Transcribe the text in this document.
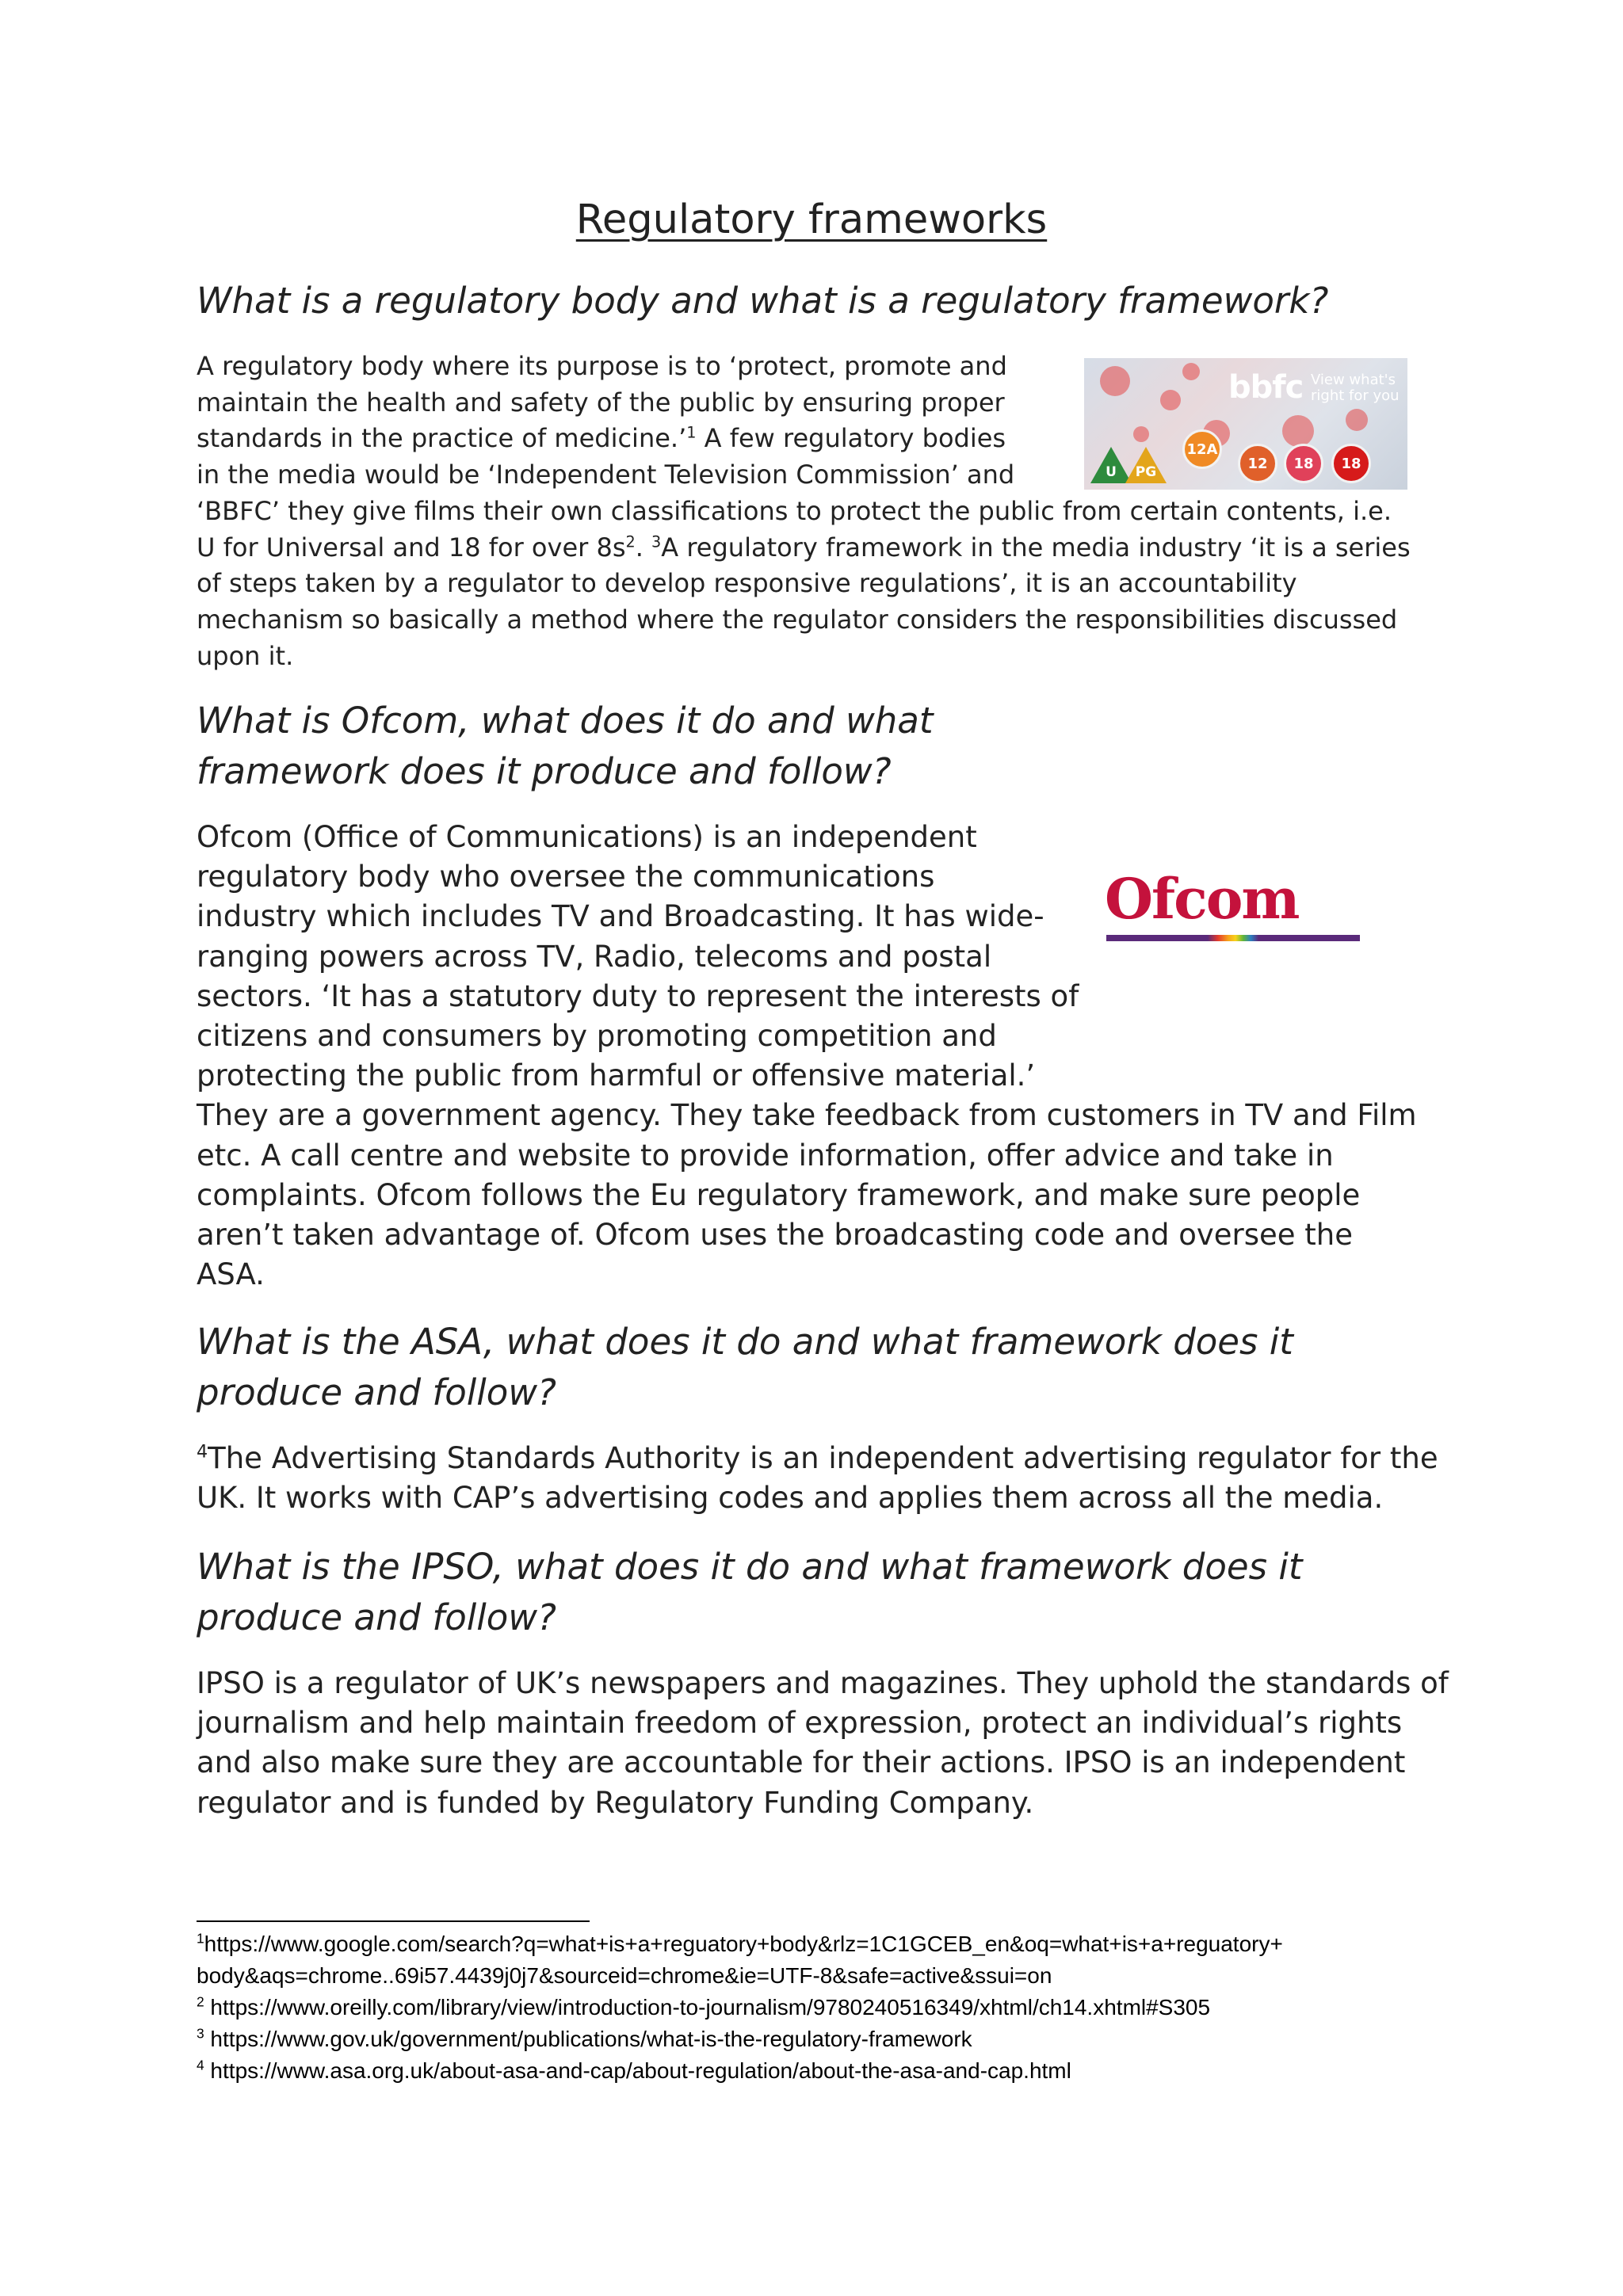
Regulatory frameworks
What is a regulatory body and what is a regulatory framework?
bbfc View what's right for you
U	PG
12A
12	18	18
A regulatory body where its purpose is to ‘protect, promote and
maintain the health and safety of the public by ensuring proper
standards in the practice of medicine.’$^1$ A few regulatory bodies
in the media would be ‘Independent Television Commission’ and
‘BBFC’ they give films their own classifications to protect the public from certain contents, i.e.
U for Universal and 18 for over $8s^2$. $^3$A regulatory framework in the media industry ‘it is a series
of steps taken by a regulator to develop responsive regulations’, it is an accountability
mechanism so basically a method where the regulator considers the responsibilities discussed
upon it.
What is Ofcom, what does it do and what
framework does it produce and follow?
Ofcom
Ofcom (Office of Communications) is an independent
regulatory body who oversee the communications
industry which includes TV and Broadcasting. It has wide-
ranging powers across TV, Radio, telecoms and postal
sectors. ‘It has a statutory duty to represent the interests of
citizens and consumers by promoting competition and
protecting the public from harmful or offensive material.’
They are a government agency. They take feedback from customers in TV and Film
etc. A call centre and website to provide information, offer advice and take in
complaints. Ofcom follows the Eu regulatory framework, and make sure people
aren’t taken advantage of. Ofcom uses the broadcasting code and oversee the
ASA.
What is the ASA, what does it do and what framework does it
produce and follow?
$^4$The Advertising Standards Authority is an independent advertising regulator for the
UK. It works with CAP’s advertising codes and applies them across all the media.
What is the IPSO, what does it do and what framework does it
produce and follow?
IPSO is a regulator of UK’s newspapers and magazines. They uphold the standards of
journalism and help maintain freedom of expression, protect an individual’s rights
and also make sure they are accountable for their actions. IPSO is an independent
regulator and is funded by Regulatory Funding Company.
$^1$https://www.google.com/search?q=what+is+a+reguatory+body&rlz=1C1GCEB_en&oq=what+is+a+reguatory+
body&aqs=chrome..69i57.4439j0j7&sourceid=chrome&ie=UTF-8&safe=active&ssui=on
$^2$ https://www.oreilly.com/library/view/introduction-to-journalism/9780240516349/xhtml/ch14.xhtml#S305
$^3$ https://www.gov.uk/government/publications/what-is-the-regulatory-framework
$^4$ https://www.asa.org.uk/about-asa-and-cap/about-regulation/about-the-asa-and-cap.html
